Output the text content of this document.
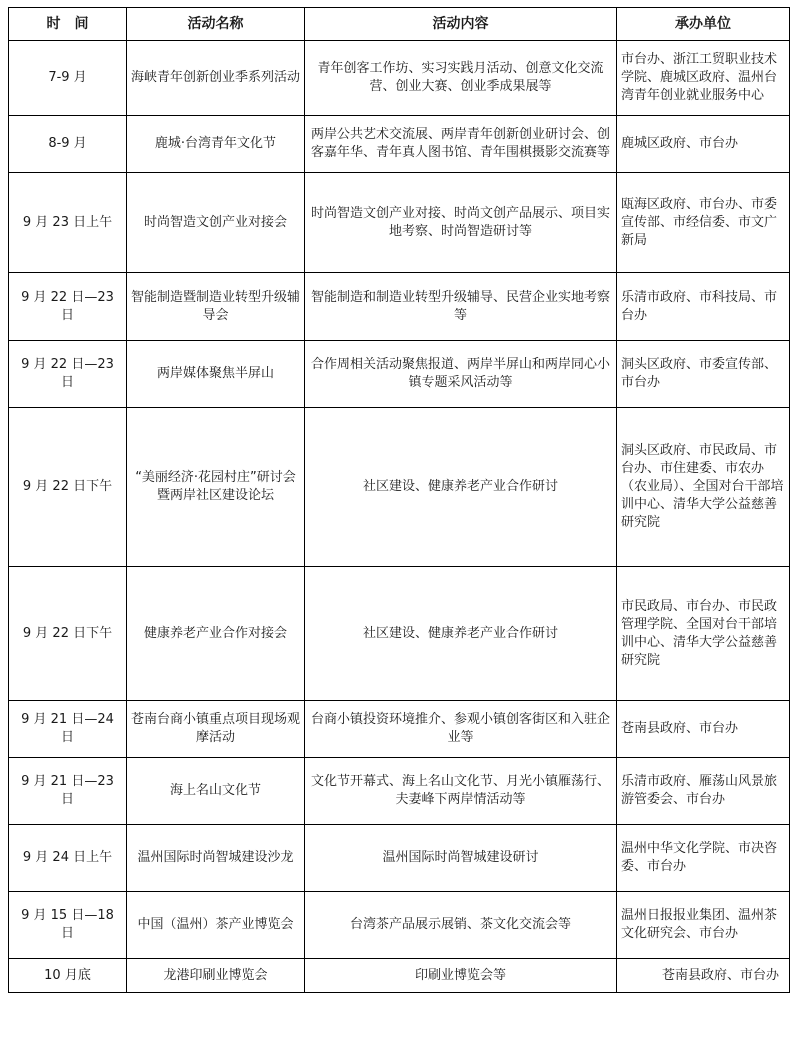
时　间	活动名称	活动内容	承办单位
7-9 月	海峡青年创新创业季系列活动	青年创客工作坊、实习实践月活动、创意文化交流营、创业大赛、创业季成果展等	市台办、浙江工贸职业技术学院、鹿城区政府、温州台湾青年创业就业服务中心
8-9 月	鹿城·台湾青年文化节	两岸公共艺术交流展、两岸青年创新创业研讨会、创客嘉年华、青年真人图书馆、青年围棋摄影交流赛等	鹿城区政府、市台办
9 月 23 日上午	时尚智造文创产业对接会	时尚智造文创产业对接、时尚文创产品展示、项目实地考察、时尚智造研讨等	瓯海区政府、市台办、市委宣传部、市经信委、市文广新局
9 月 22 日—23 日	智能制造暨制造业转型升级辅导会	智能制造和制造业转型升级辅导、民营企业实地考察等	乐清市政府、市科技局、市台办
9 月 22 日—23 日	两岸媒体聚焦半屏山	合作周相关活动聚焦报道、两岸半屏山和两岸同心小镇专题采风活动等	洞头区政府、市委宣传部、市台办
9 月 22 日下午	“美丽经济·花园村庄”研讨会暨两岸社区建设论坛	社区建设、健康养老产业合作研讨	洞头区政府、市民政局、市台办、市住建委、市农办（农业局）、全国对台干部培训中心、清华大学公益慈善研究院
9 月 22 日下午	健康养老产业合作对接会	社区建设、健康养老产业合作研讨	市民政局、市台办、市民政管理学院、全国对台干部培训中心、清华大学公益慈善研究院
9 月 21 日—24 日	苍南台商小镇重点项目现场观摩活动	台商小镇投资环境推介、参观小镇创客街区和入驻企业等	苍南县政府、市台办
9 月 21 日—23 日	海上名山文化节	文化节开幕式、海上名山文化节、月光小镇雁荡行、夫妻峰下两岸情活动等	乐清市政府、雁荡山风景旅游管委会、市台办
9 月 24 日上午	温州国际时尚智城建设沙龙	温州国际时尚智城建设研讨	温州中华文化学院、市决咨委、市台办
9 月 15 日—18 日	中国（温州）茶产业博览会	台湾茶产品展示展销、茶文化交流会等	温州日报报业集团、温州茶文化研究会、市台办
10 月底	龙港印刷业博览会	印刷业博览会等	苍南县政府、市台办
